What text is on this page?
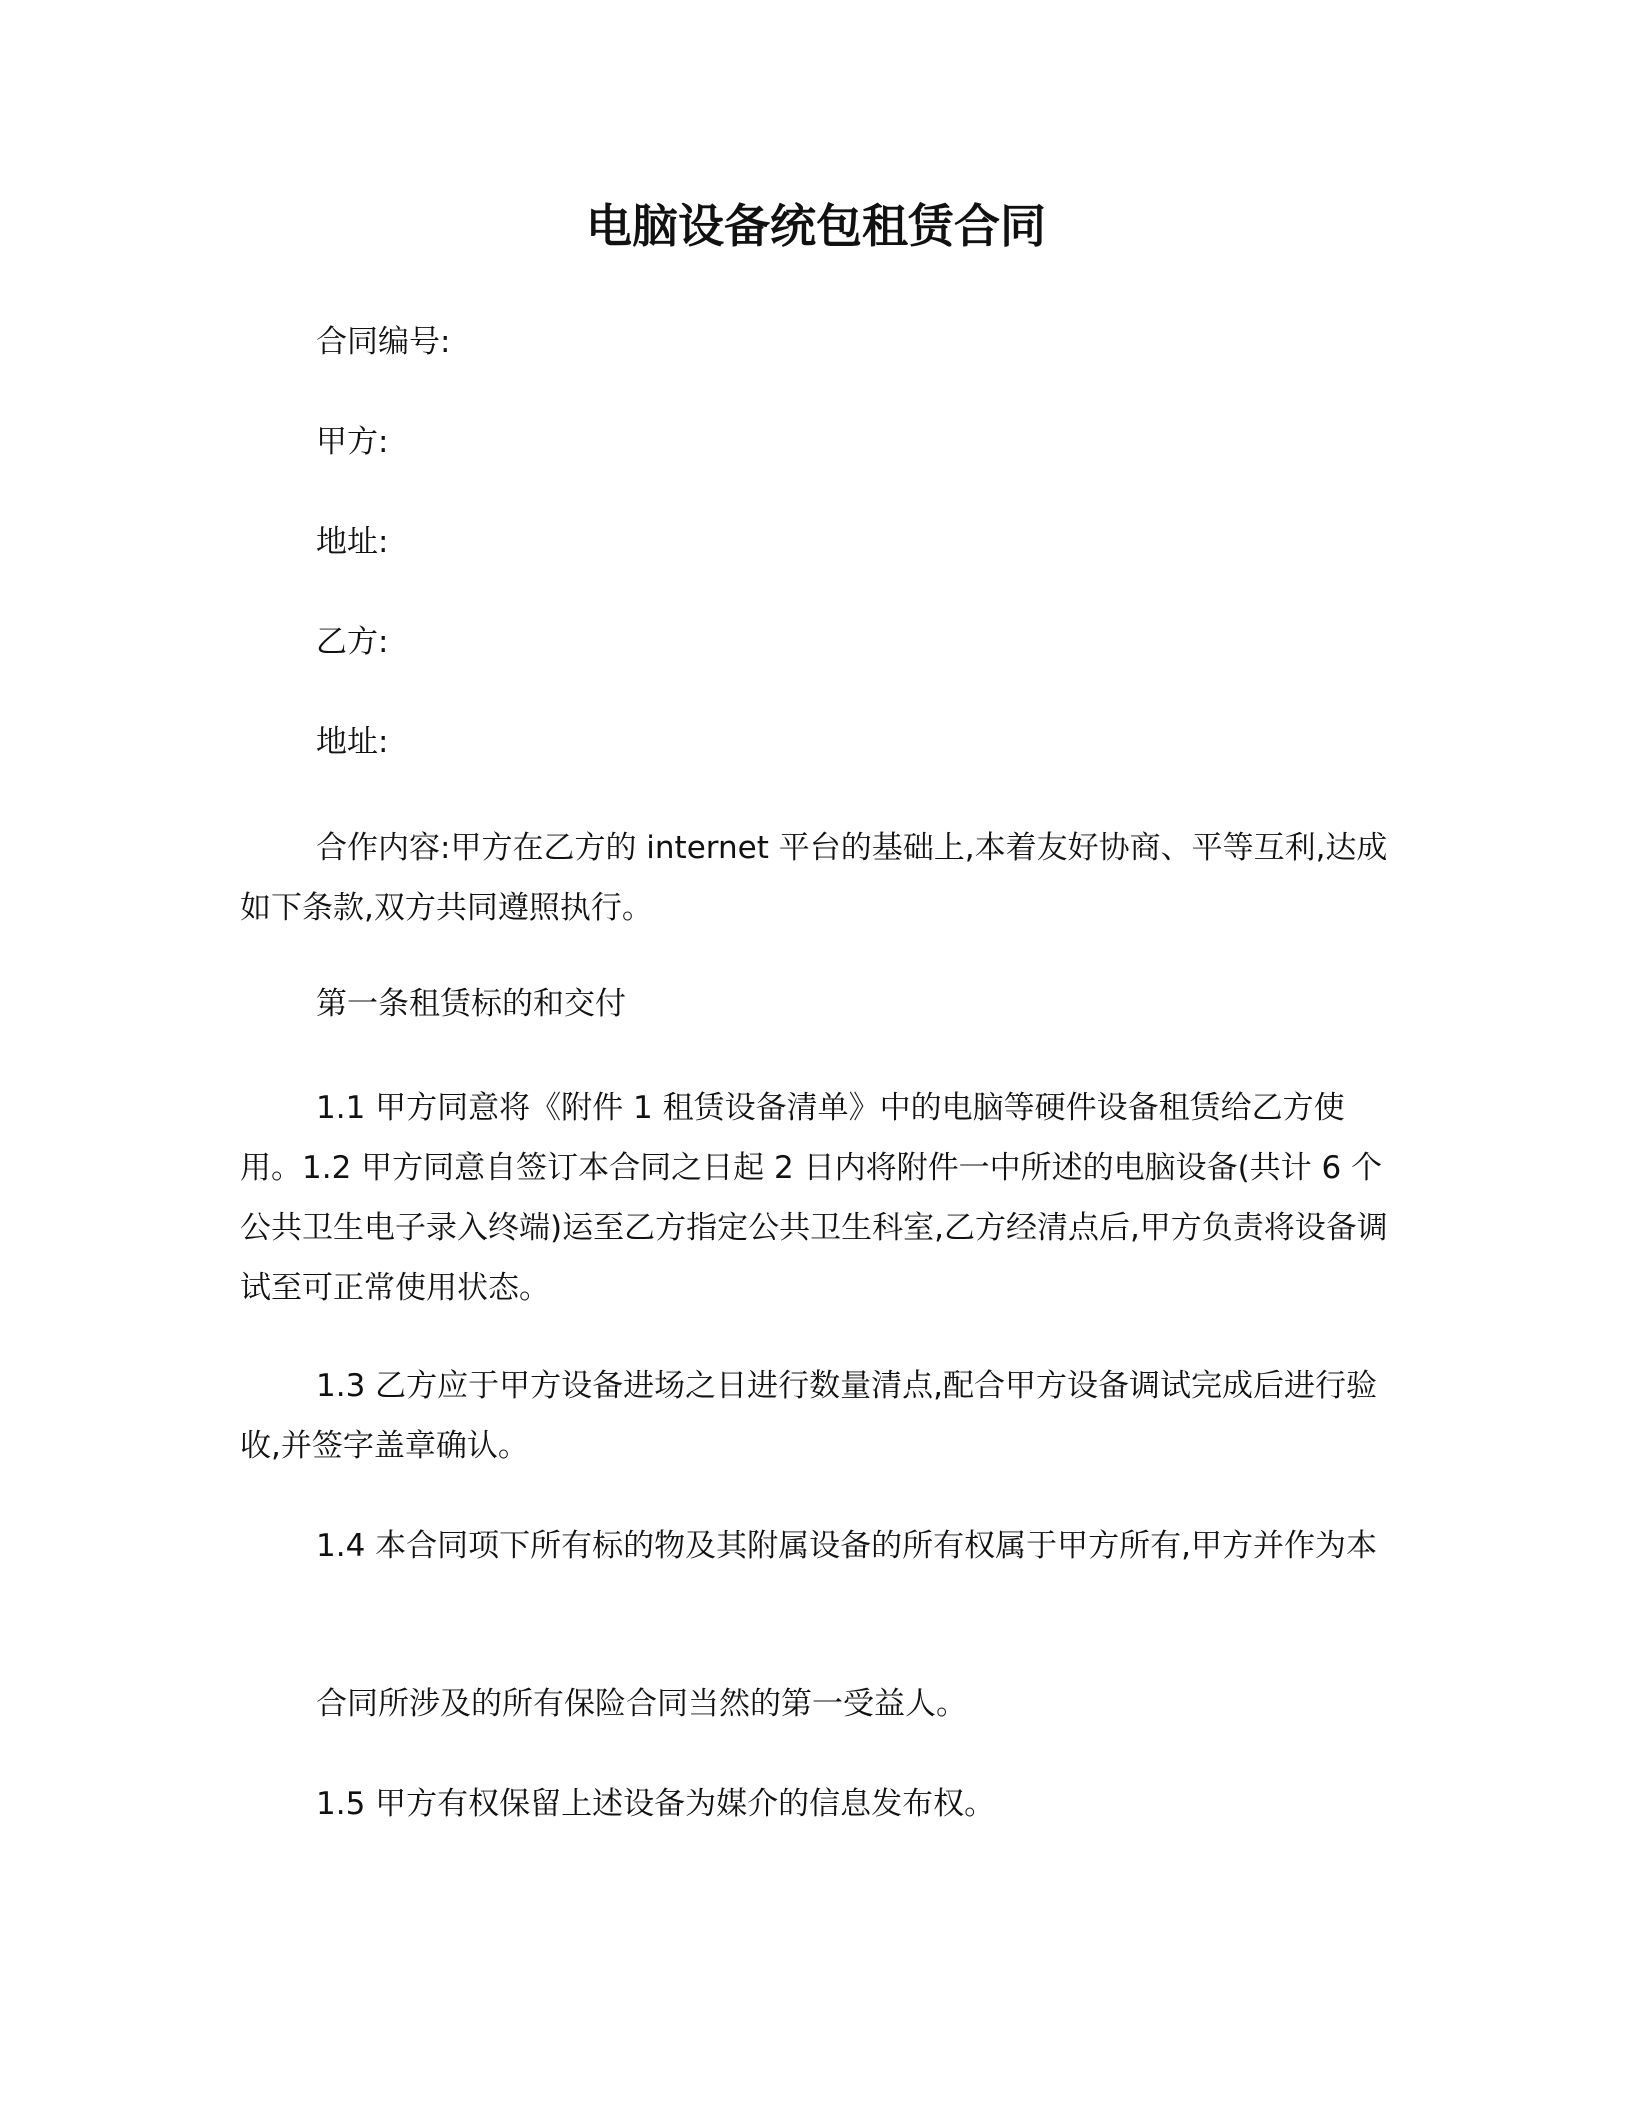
电脑设备统包租赁合同

合同编号:

甲方:

地址:

乙方:

地址:

合作内容:甲方在乙方的 internet 平台的基础上,本着友好协商、平等互利,达成如下条款,双方共同遵照执行。

第一条租赁标的和交付

1.1 甲方同意将《附件 1 租赁设备清单》中的电脑等硬件设备租赁给乙方使用。1.2 甲方同意自签订本合同之日起 2 日内将附件一中所述的电脑设备(共计 6 个公共卫生电子录入终端)运至乙方指定公共卫生科室,乙方经清点后,甲方负责将设备调试至可正常使用状态。

1.3 乙方应于甲方设备进场之日进行数量清点,配合甲方设备调试完成后进行验收,并签字盖章确认。

1.4 本合同项下所有标的物及其附属设备的所有权属于甲方所有,甲方并作为本

合同所涉及的所有保险合同当然的第一受益人。

1.5 甲方有权保留上述设备为媒介的信息发布权。
